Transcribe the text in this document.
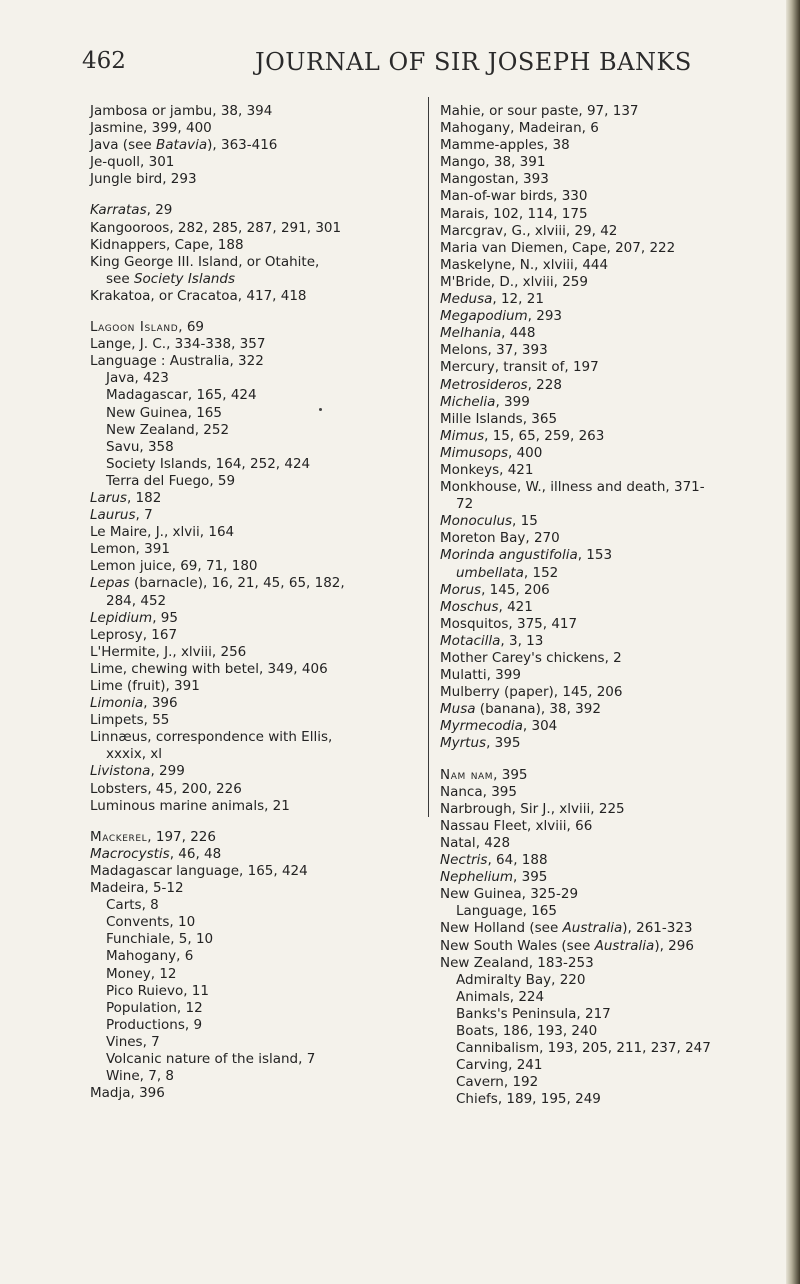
462	JOURNAL OF SIR JOSEPH BANKS
Jambosa or jambu, 38, 394
Jasmine, 399, 400
Java (see Batavia), 363-416
Je-quoll, 301
Jungle bird, 293
Karratas, 29
Kangooroos, 282, 285, 287, 291, 301
Kidnappers, Cape, 188
King George III. Island, or Otahite,
see Society Islands
Krakatoa, or Cracatoa, 417, 418
Lagoon Island, 69
Lange, J. C., 334-338, 357
Language : Australia, 322
Java, 423
Madagascar, 165, 424
New Guinea, 165
New Zealand, 252
Savu, 358
Society Islands, 164, 252, 424
Terra del Fuego, 59
Larus, 182
Laurus, 7
Le Maire, J., xlvii, 164
Lemon, 391
Lemon juice, 69, 71, 180
Lepas (barnacle), 16, 21, 45, 65, 182,
284, 452
Lepidium, 95
Leprosy, 167
L'Hermite, J., xlviii, 256
Lime, chewing with betel, 349, 406
Lime (fruit), 391
Limonia, 396
Limpets, 55
Linnæus, correspondence with Ellis,
xxxix, xl
Livistona, 299
Lobsters, 45, 200, 226
Luminous marine animals, 21
Mackerel, 197, 226
Macrocystis, 46, 48
Madagascar language, 165, 424
Madeira, 5-12
Carts, 8
Convents, 10
Funchiale, 5, 10
Mahogany, 6
Money, 12
Pico Ruievo, 11
Population, 12
Productions, 9
Vines, 7
Volcanic nature of the island, 7
Wine, 7, 8
Madja, 396
Mahie, or sour paste, 97, 137
Mahogany, Madeiran, 6
Mamme-apples, 38
Mango, 38, 391
Mangostan, 393
Man-of-war birds, 330
Marais, 102, 114, 175
Marcgrav, G., xlviii, 29, 42
Maria van Diemen, Cape, 207, 222
Maskelyne, N., xlviii, 444
M'Bride, D., xlviii, 259
Medusa, 12, 21
Megapodium, 293
Melhania, 448
Melons, 37, 393
Mercury, transit of, 197
Metrosideros, 228
Michelia, 399
Mille Islands, 365
Mimus, 15, 65, 259, 263
Mimusops, 400
Monkeys, 421
Monkhouse, W., illness and death, 371-
72
Monoculus, 15
Moreton Bay, 270
Morinda angustifolia, 153
umbellata, 152
Morus, 145, 206
Moschus, 421
Mosquitos, 375, 417
Motacilla, 3, 13
Mother Carey's chickens, 2
Mulatti, 399
Mulberry (paper), 145, 206
Musa (banana), 38, 392
Myrmecodia, 304
Myrtus, 395
Nam nam, 395
Nanca, 395
Narbrough, Sir J., xlviii, 225
Nassau Fleet, xlviii, 66
Natal, 428
Nectris, 64, 188
Nephelium, 395
New Guinea, 325-29
Language, 165
New Holland (see Australia), 261-323
New South Wales (see Australia), 296
New Zealand, 183-253
Admiralty Bay, 220
Animals, 224
Banks's Peninsula, 217
Boats, 186, 193, 240
Cannibalism, 193, 205, 211, 237, 247
Carving, 241
Cavern, 192
Chiefs, 189, 195, 249
